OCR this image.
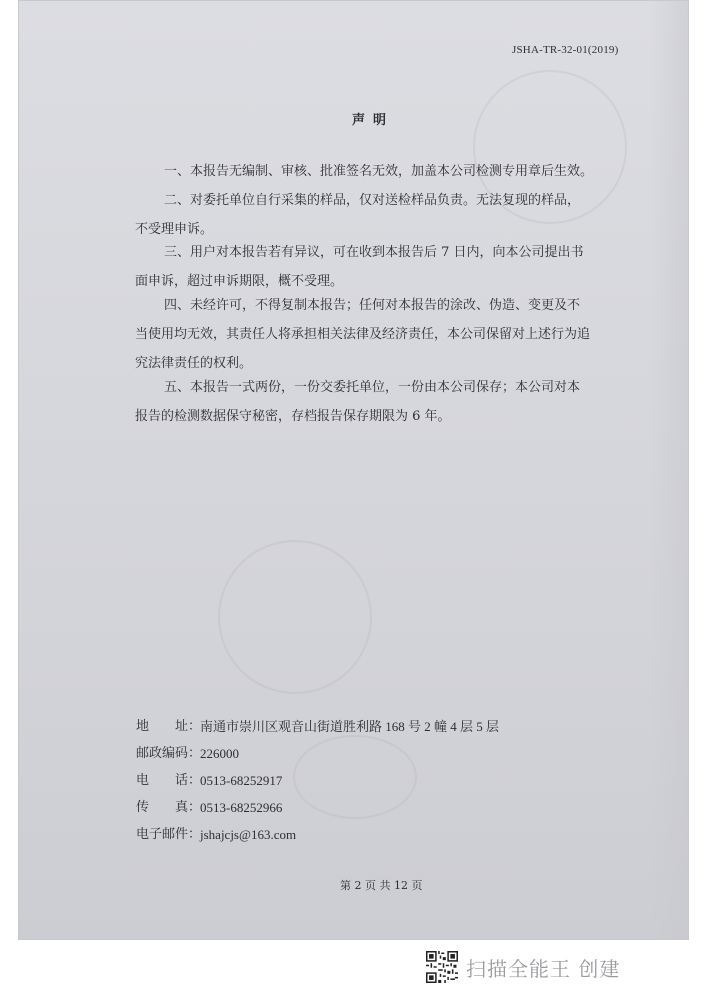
JSHA-TR-32-01(2019)
声明
一、本报告无编制、审核、批准签名无效，加盖本公司检测专用章后生效。
二、对委托单位自行采集的样品，仅对送检样品负责。无法复现的样品，
不受理申诉。
三、用户对本报告若有异议，可在收到本报告后 7 日内，向本公司提出书
面申诉，超过申诉期限，概不受理。
四、未经许可，不得复制本报告；任何对本报告的涂改、伪造、变更及不
当使用均无效，其责任人将承担相关法律及经济责任，本公司保留对上述行为追
究法律责任的权利。
五、本报告一式两份，一份交委托单位，一份由本公司保存；本公司对本
报告的检测数据保守秘密，存档报告保存期限为 6 年。
地　　址：
南通市崇川区观音山街道胜利路 168 号 2 幢 4 层 5 层
邮政编码：
226000
电　　话：
0513-68252917
传　　真：
0513-68252966
电子邮件：
jshajcjs@163.com
第 2 页 共 12 页
扫描全能王 创建
